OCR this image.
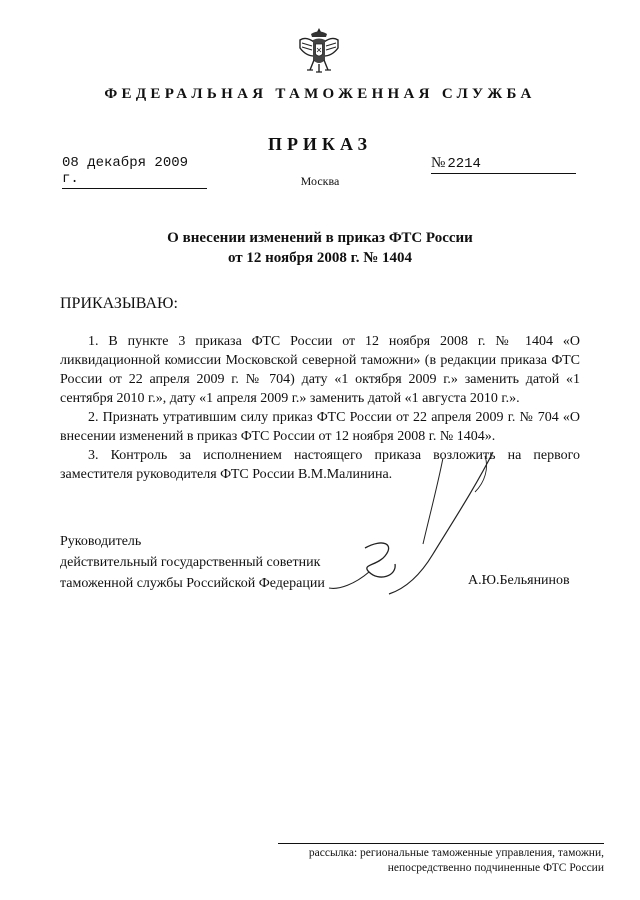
ФЕДЕРАЛЬНАЯ ТАМОЖЕННАЯ СЛУЖБА
ПРИКАЗ
08 декабря 2009 г.
№ 2214
Москва
О внесении изменений в приказ ФТС России
от 12 ноября 2008 г. № 1404
ПРИКАЗЫВАЮ:

1. В пункте 3 приказа ФТС России от 12 ноября 2008 г. № 1404 «О ликвидационной комиссии Московской северной таможни» (в редакции приказа ФТС России от 22 апреля 2009 г. № 704) дату «1 октября 2009 г.» заменить датой «1 сентября 2010 г.», дату «1 апреля 2009 г.» заменить датой «1 августа 2010 г.».

2. Признать утратившим силу приказ ФТС России от 22 апреля 2009 г. № 704 «О внесении изменений в приказ ФТС России от 12 ноября 2008 г. № 1404».

3. Контроль за исполнением настоящего приказа возложить на первого заместителя руководителя ФТС России В.М.Малинина.

Руководитель
действительный государственный советник
таможенной службы Российской Федерации	А.Ю.Бельянинов
рассылка: региональные таможенные управления, таможни,
непосредственно подчиненные ФТС России
